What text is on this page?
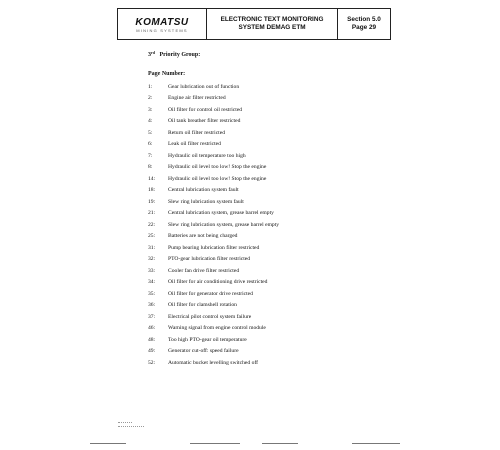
KOMATSU
MINING SYSTEMS
ELECTRONIC TEXT MONITORING
SYSTEM DEMAG ETM
Section 5.0
Page 29
3rd Priority Group:
Page Number:
1:	Gear lubrication out of function
2:	Engine air filter restricted
3:	Oil filter for control oil restricted
4:	Oil tank breather filter restricted
5:	Return oil filter restricted
6:	Leak oil filter restricted
7:	Hydraulic oil temperature too high
8:	Hydraulic oil level too low! Stop the engine
14:	Hydraulic oil level too low! Stop the engine
18:	Central lubrication system fault
19:	Slew ring lubrication system fault
21:	Central lubrication system, grease barrel empty
22:	Slew ring lubrication system, grease barrel empty
25:	Batteries are not being charged
31:	Pump bearing lubrication filter restricted
32:	PTO-gear lubrication filter restricted
33:	Cooler fan drive filter restricted
34:	Oil filter for air conditioning drive restricted
35:	Oil filter for generator drive restricted
36:	Oil filter for clamshell rotation
37:	Electrical pilot control system failure
46:	Warning signal from engine control module
48:	Too high PTO-gear oil temperature
49:	Generator cut-off: speed failure
52:	Automatic bucket levelling switched off
